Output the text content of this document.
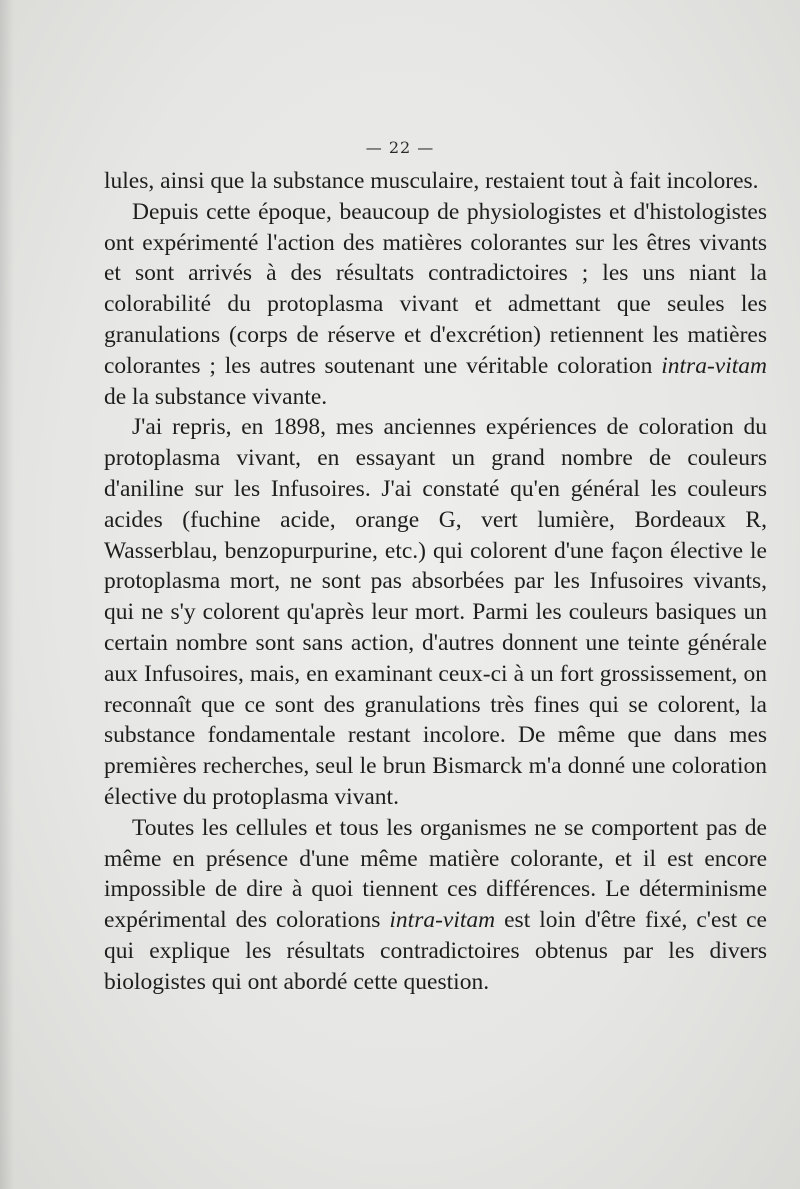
— 22 —

lules, ainsi que la substance musculaire, restaient tout à fait incolores.

Depuis cette époque, beaucoup de physiologistes et d'histologistes ont expérimenté l'action des matières colorantes sur les êtres vivants et sont arrivés à des résultats contradictoires ; les uns niant la colorabilité du protoplasma vivant et admettant que seules les granulations (corps de réserve et d'excrétion) retiennent les matières colorantes ; les autres soutenant une véritable coloration intra-vitam de la substance vivante.

J'ai repris, en 1898, mes anciennes expériences de coloration du protoplasma vivant, en essayant un grand nombre de couleurs d'aniline sur les Infusoires. J'ai constaté qu'en général les couleurs acides (fuchine acide, orange G, vert lumière, Bordeaux R, Wasserblau, benzopurpurine, etc.) qui colorent d'une façon élective le protoplasma mort, ne sont pas absorbées par les Infusoires vivants, qui ne s'y colorent qu'après leur mort. Parmi les couleurs basiques un certain nombre sont sans action, d'autres donnent une teinte générale aux Infusoires, mais, en examinant ceux-ci à un fort grossissement, on reconnaît que ce sont des granulations très fines qui se colorent, la substance fondamentale restant incolore. De même que dans mes premières recherches, seul le brun Bismarck m'a donné une coloration élective du protoplasma vivant.

Toutes les cellules et tous les organismes ne se comportent pas de même en présence d'une même matière colorante, et il est encore impossible de dire à quoi tiennent ces différences. Le déterminisme expérimental des colorations intra-vitam est loin d'être fixé, c'est ce qui explique les résultats contradictoires obtenus par les divers biologistes qui ont abordé cette question.
